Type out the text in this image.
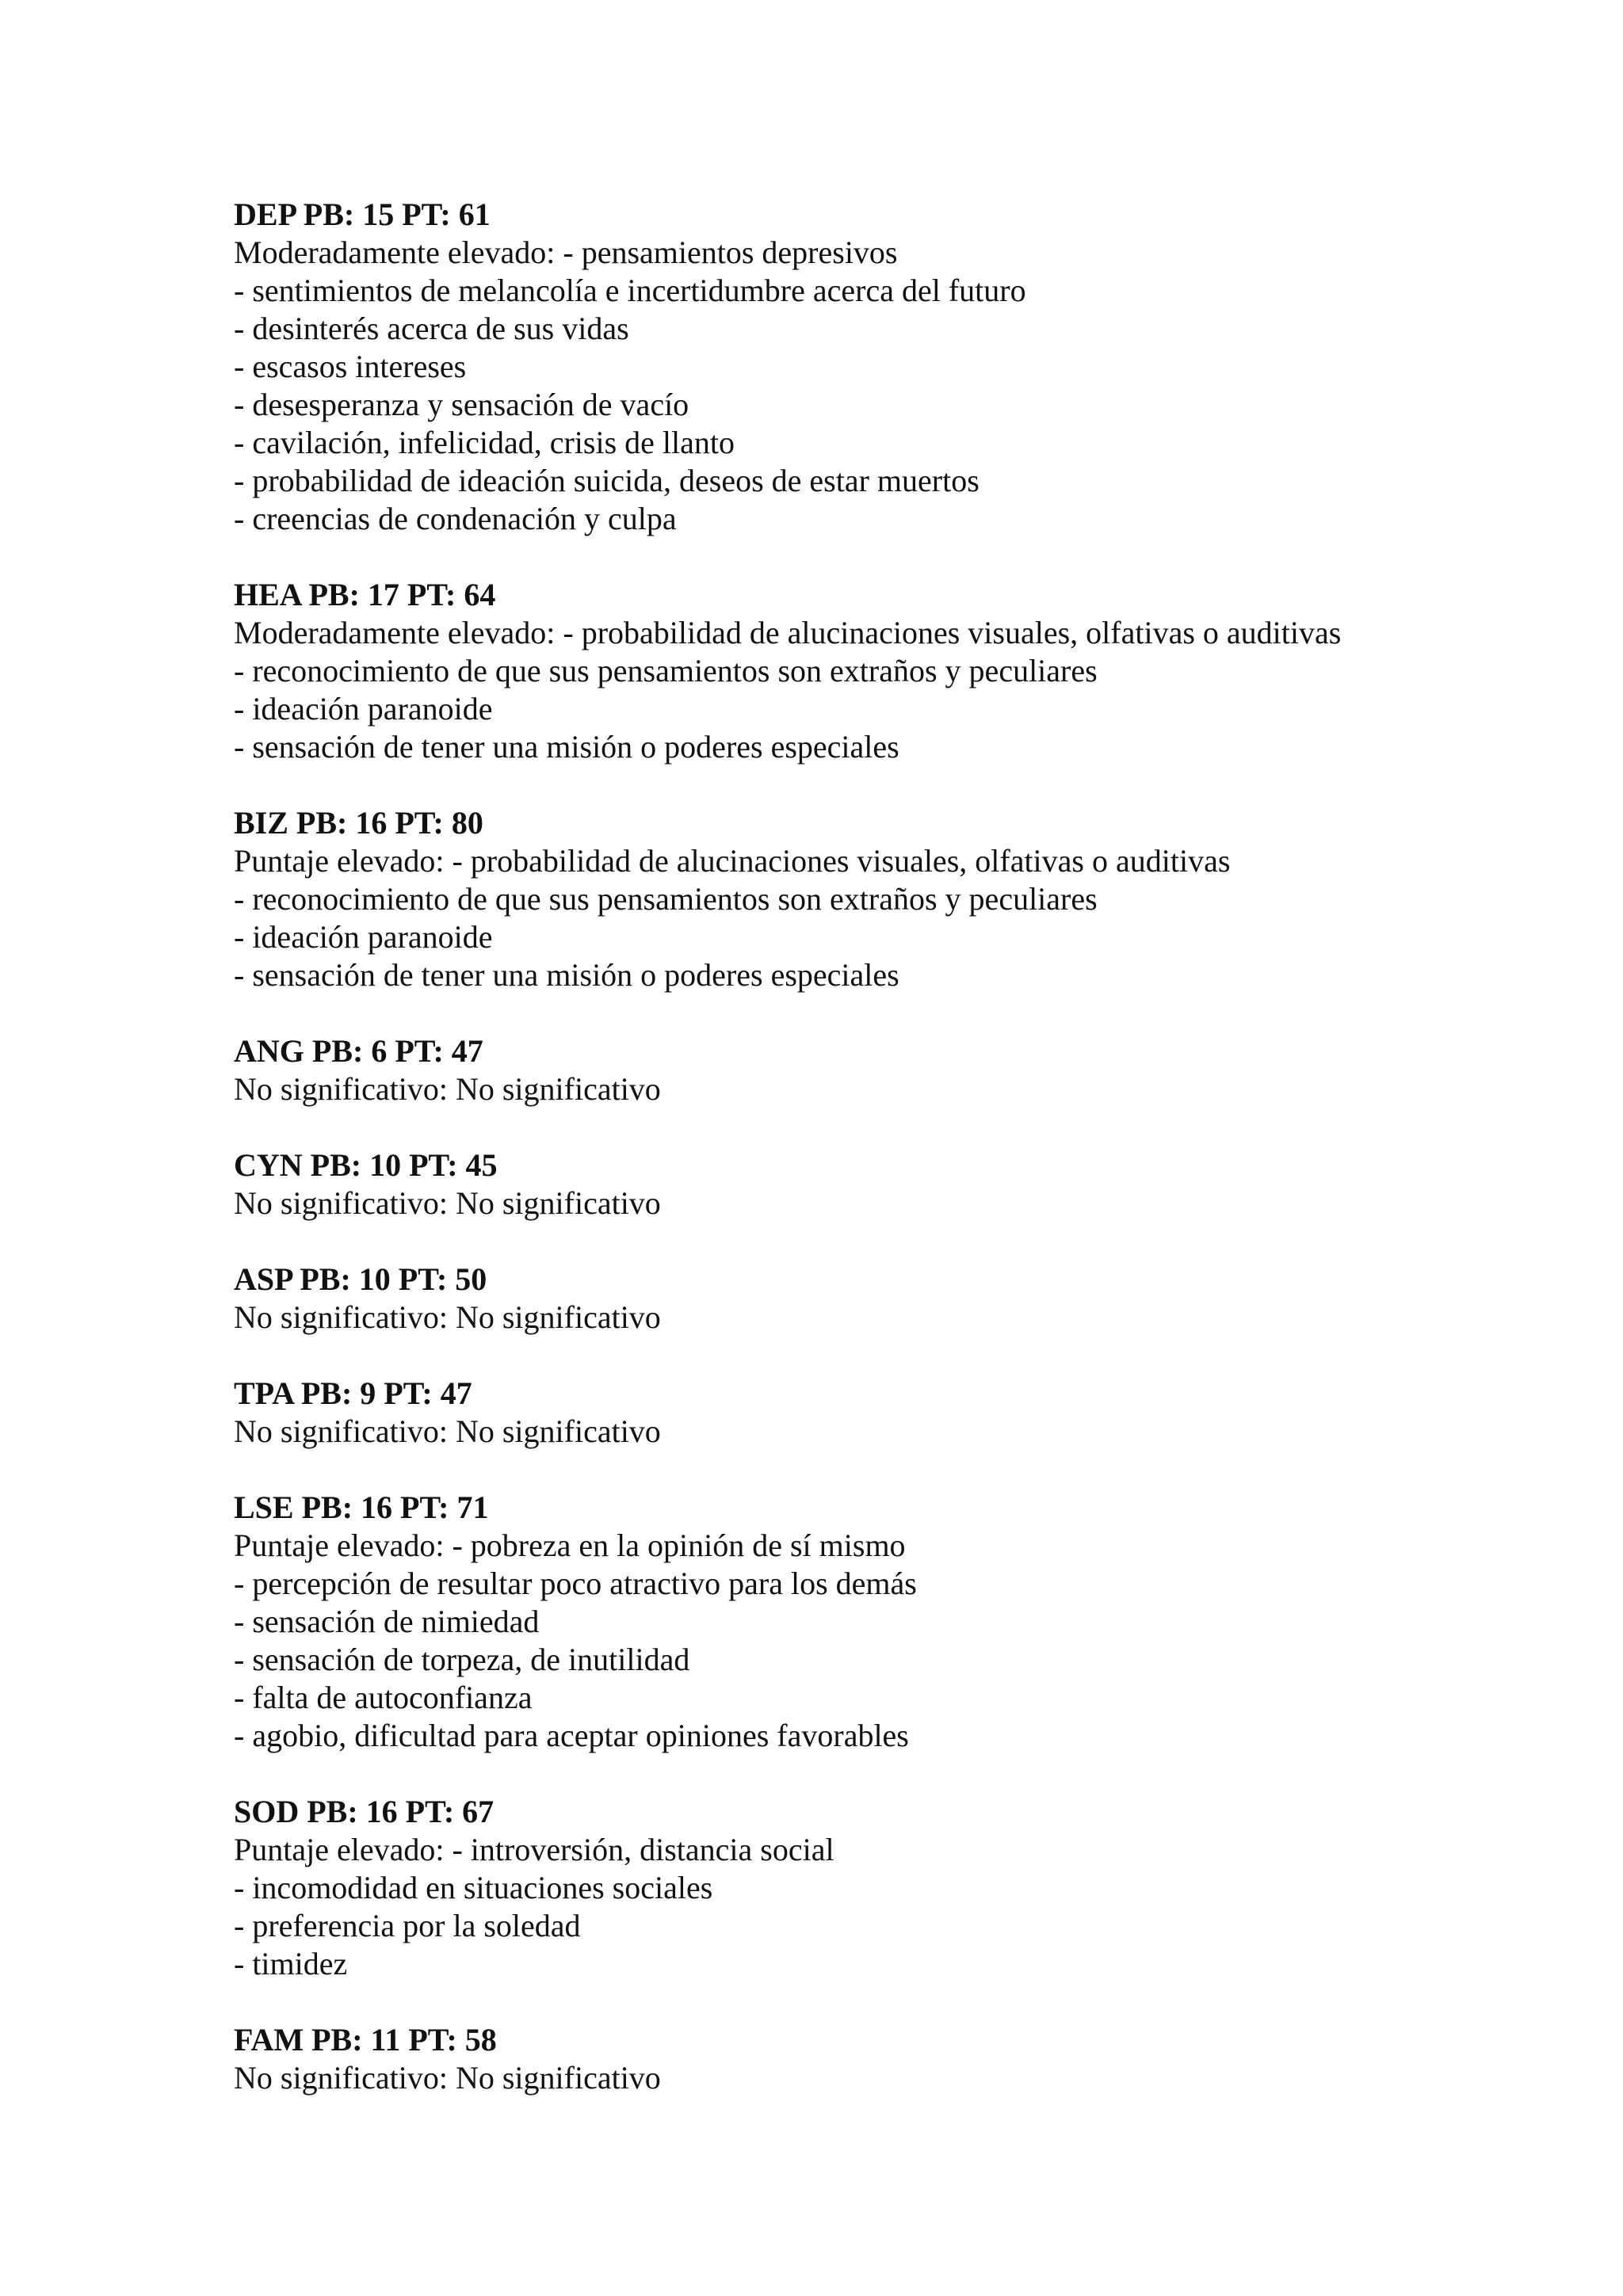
DEP PB: 15 PT: 61
Moderadamente elevado: - pensamientos depresivos
- sentimientos de melancolía e incertidumbre acerca del futuro
- desinterés acerca de sus vidas
- escasos intereses
- desesperanza y sensación de vacío
- cavilación, infelicidad, crisis de llanto
- probabilidad de ideación suicida, deseos de estar muertos
- creencias de condenación y culpa
HEA PB: 17 PT: 64
Moderadamente elevado: - probabilidad de alucinaciones visuales, olfativas o auditivas
- reconocimiento de que sus pensamientos son extraños y peculiares
- ideación paranoide
- sensación de tener una misión o poderes especiales
BIZ PB: 16 PT: 80
Puntaje elevado: - probabilidad de alucinaciones visuales, olfativas o auditivas
- reconocimiento de que sus pensamientos son extraños y peculiares
- ideación paranoide
- sensación de tener una misión o poderes especiales
ANG PB: 6 PT: 47
No significativo: No significativo
CYN PB: 10 PT: 45
No significativo: No significativo
ASP PB: 10 PT: 50
No significativo: No significativo
TPA PB: 9 PT: 47
No significativo: No significativo
LSE PB: 16 PT: 71
Puntaje elevado: - pobreza en la opinión de sí mismo
- percepción de resultar poco atractivo para los demás
- sensación de nimiedad
- sensación de torpeza, de inutilidad
- falta de autoconfianza
- agobio, dificultad para aceptar opiniones favorables
SOD PB: 16 PT: 67
Puntaje elevado: - introversión, distancia social
- incomodidad en situaciones sociales
- preferencia por la soledad
- timidez
FAM PB: 11 PT: 58
No significativo: No significativo
